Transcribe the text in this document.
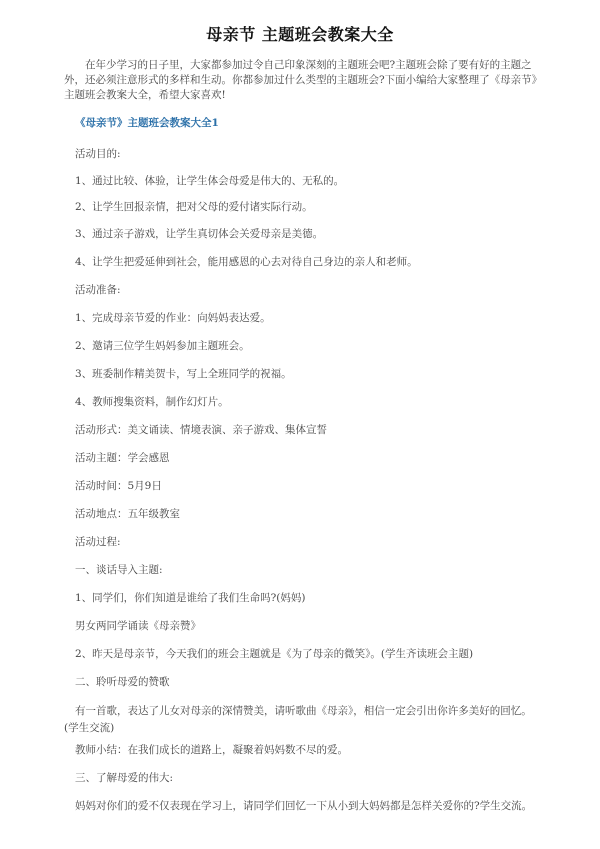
母亲节 主题班会教案大全

在年少学习的日子里，大家都参加过令自己印象深刻的主题班会吧?主题班会除了要有好的主题之外，还必须注意形式的多样和生动。你都参加过什么类型的主题班会?下面小编给大家整理了《母亲节》主题班会教案大全，希望大家喜欢!

《母亲节》主题班会教案大全1

活动目的:

1、通过比较、体验，让学生体会母爱是伟大的、无私的。

2、让学生回报亲情，把对父母的爱付诸实际行动。

3、通过亲子游戏，让学生真切体会关爱母亲是美德。

4、让学生把爱延伸到社会，能用感恩的心去对待自己身边的亲人和老师。

活动准备:

1、完成母亲节爱的作业：向妈妈表达爱。

2、邀请三位学生妈妈参加主题班会。

3、班委制作精美贺卡，写上全班同学的祝福。

4、教师搜集资料，制作幻灯片。

活动形式：美文诵读、情境表演、亲子游戏、集体宣誓

活动主题：学会感恩

活动时间：5月9日

活动地点：五年级教室

活动过程:

一、谈话导入主题:

1、同学们，你们知道是谁给了我们生命吗?(妈妈)

男女两同学诵读《母亲赞》

2、昨天是母亲节，今天我们的班会主题就是《为了母亲的微笑》。(学生齐读班会主题)

二、聆听母爱的赞歌

有一首歌，表达了儿女对母亲的深情赞美，请听歌曲《母亲》，相信一定会引出你许多美好的回忆。(学生交流)

教师小结：在我们成长的道路上，凝聚着妈妈数不尽的爱。

三、了解母爱的伟大:

妈妈对你们的爱不仅表现在学习上，请同学们回忆一下从小到大妈妈都是怎样关爱你的?学生交流。
